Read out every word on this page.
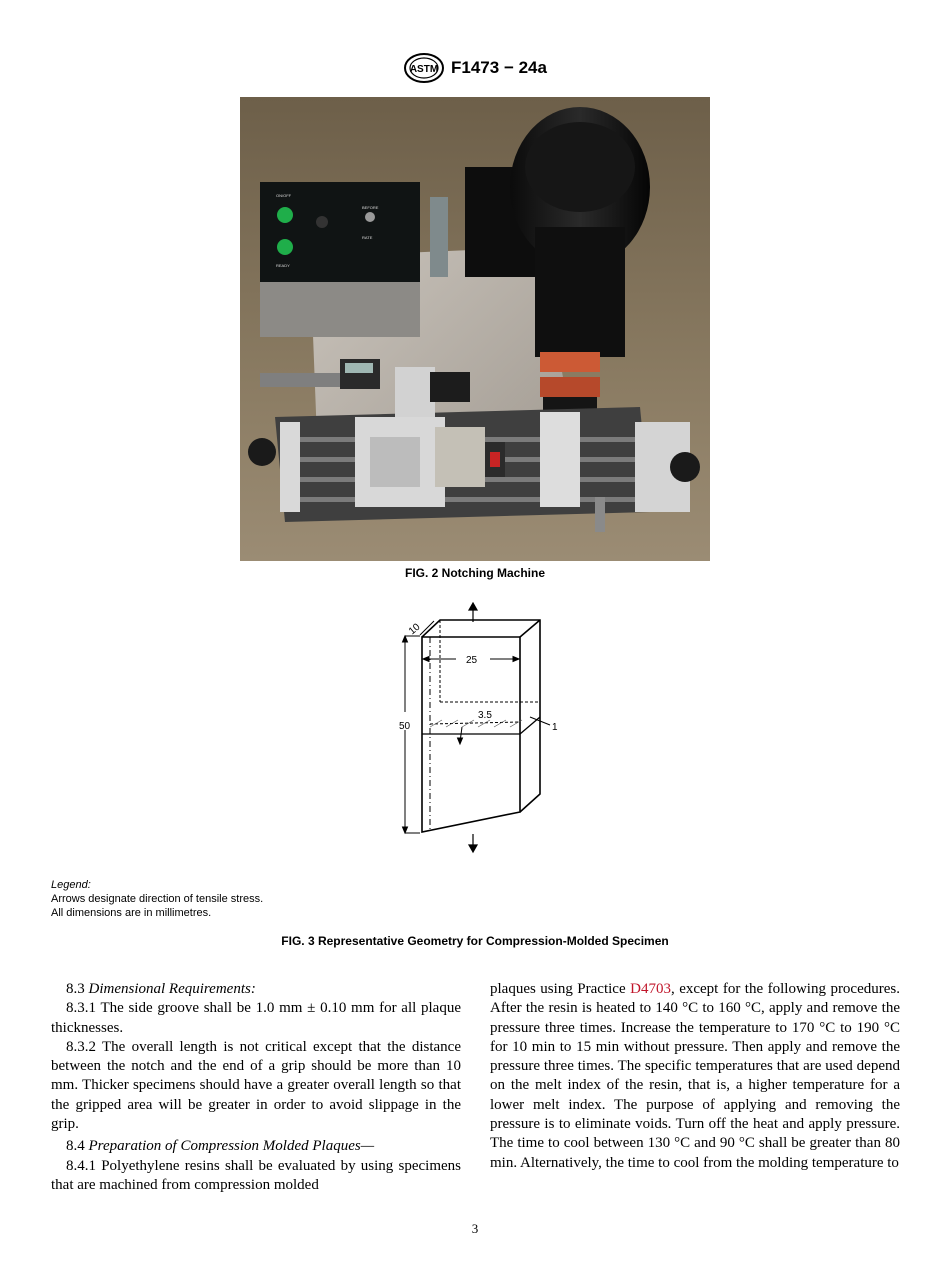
ASTM F1473 − 24a
ON/OFF
BEFORE
RATE
READY
FIG. 2 Notching Machine
10
25
50
3.5
1
Legend:
Arrows designate direction of tensile stress.
All dimensions are in millimetres.
FIG. 3 Representative Geometry for Compression-Molded Specimen

8.3 Dimensional Requirements:

8.3.1 The side groove shall be 1.0 mm ± 0.10 mm for all plaque thicknesses.

8.3.2 The overall length is not critical except that the distance between the notch and the end of a grip should be more than 10 mm. Thicker specimens should have a greater overall length so that the gripped area will be greater in order to avoid slippage in the grip.

8.4 Preparation of Compression Molded Plaques—

8.4.1 Polyethylene resins shall be evaluated by using specimens that are machined from compression molded

plaques using Practice D4703, except for the following procedures. After the resin is heated to 140 °C to 160 °C, apply and remove the pressure three times. Increase the temperature to 170 °C to 190 °C for 10 min to 15 min without pressure. Then apply and remove the pressure three times. The specific temperatures that are used depend on the melt index of the resin, that is, a higher temperature for a lower melt index. The purpose of applying and removing the pressure is to eliminate voids. Turn off the heat and apply pressure. The time to cool between 130 °C and 90 °C shall be greater than 80 min. Alternatively, the time to cool from the molding temperature to

3
